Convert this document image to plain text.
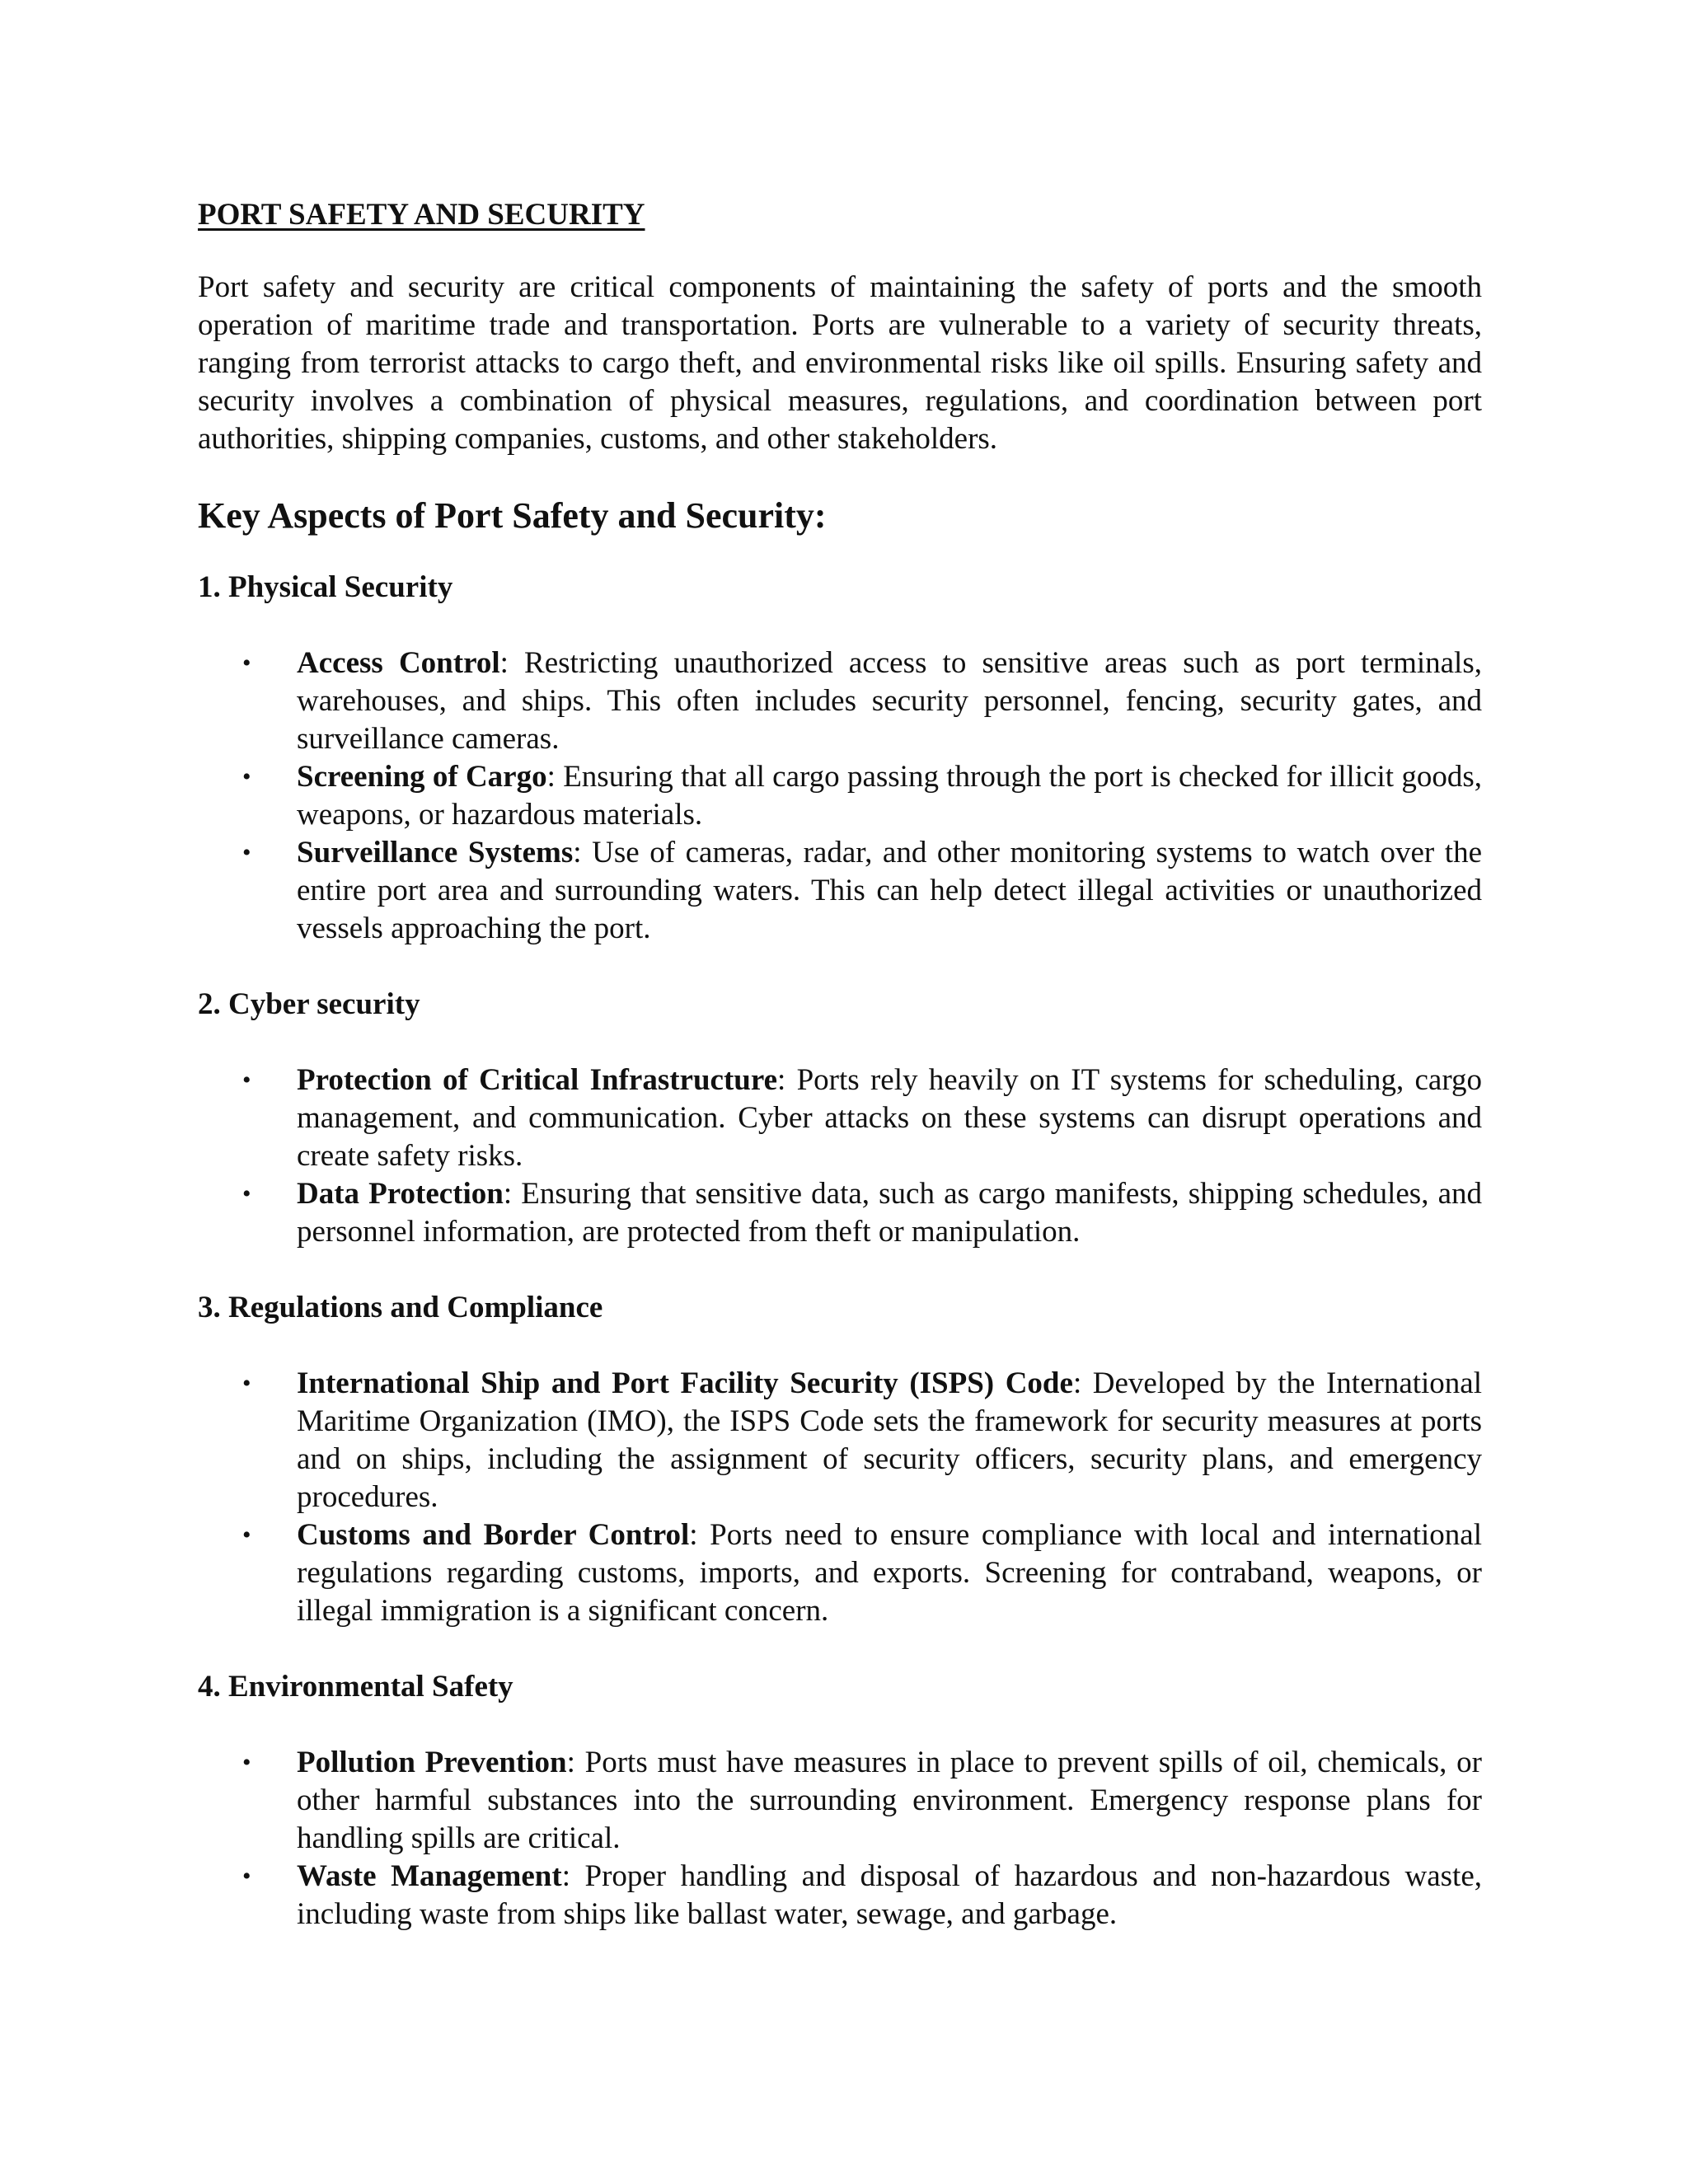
PORT SAFETY AND SECURITY

Port safety and security are critical components of maintaining the safety of ports and the smooth operation of maritime trade and transportation. Ports are vulnerable to a variety of security threats, ranging from terrorist attacks to cargo theft, and environmental risks like oil spills. Ensuring safety and security involves a combination of physical measures, regulations, and coordination between port authorities, shipping companies, customs, and other stakeholders.

Key Aspects of Port Safety and Security:
1. Physical Security
• Access Control: Restricting unauthorized access to sensitive areas such as port terminals, warehouses, and ships. This often includes security personnel, fencing, security gates, and surveillance cameras.
• Screening of Cargo: Ensuring that all cargo passing through the port is checked for illicit goods, weapons, or hazardous materials.
• Surveillance Systems: Use of cameras, radar, and other monitoring systems to watch over the entire port area and surrounding waters. This can help detect illegal activities or unauthorized vessels approaching the port.
2. Cyber security
• Protection of Critical Infrastructure: Ports rely heavily on IT systems for scheduling, cargo management, and communication. Cyber attacks on these systems can disrupt operations and create safety risks.
• Data Protection: Ensuring that sensitive data, such as cargo manifests, shipping schedules, and personnel information, are protected from theft or manipulation.
3. Regulations and Compliance
• International Ship and Port Facility Security (ISPS) Code: Developed by the International Maritime Organization (IMO), the ISPS Code sets the framework for security measures at ports and on ships, including the assignment of security officers, security plans, and emergency procedures.
• Customs and Border Control: Ports need to ensure compliance with local and international regulations regarding customs, imports, and exports. Screening for contraband, weapons, or illegal immigration is a significant concern.
4. Environmental Safety
• Pollution Prevention: Ports must have measures in place to prevent spills of oil, chemicals, or other harmful substances into the surrounding environment. Emergency response plans for handling spills are critical.
• Waste Management: Proper handling and disposal of hazardous and non-hazardous waste, including waste from ships like ballast water, sewage, and garbage.
